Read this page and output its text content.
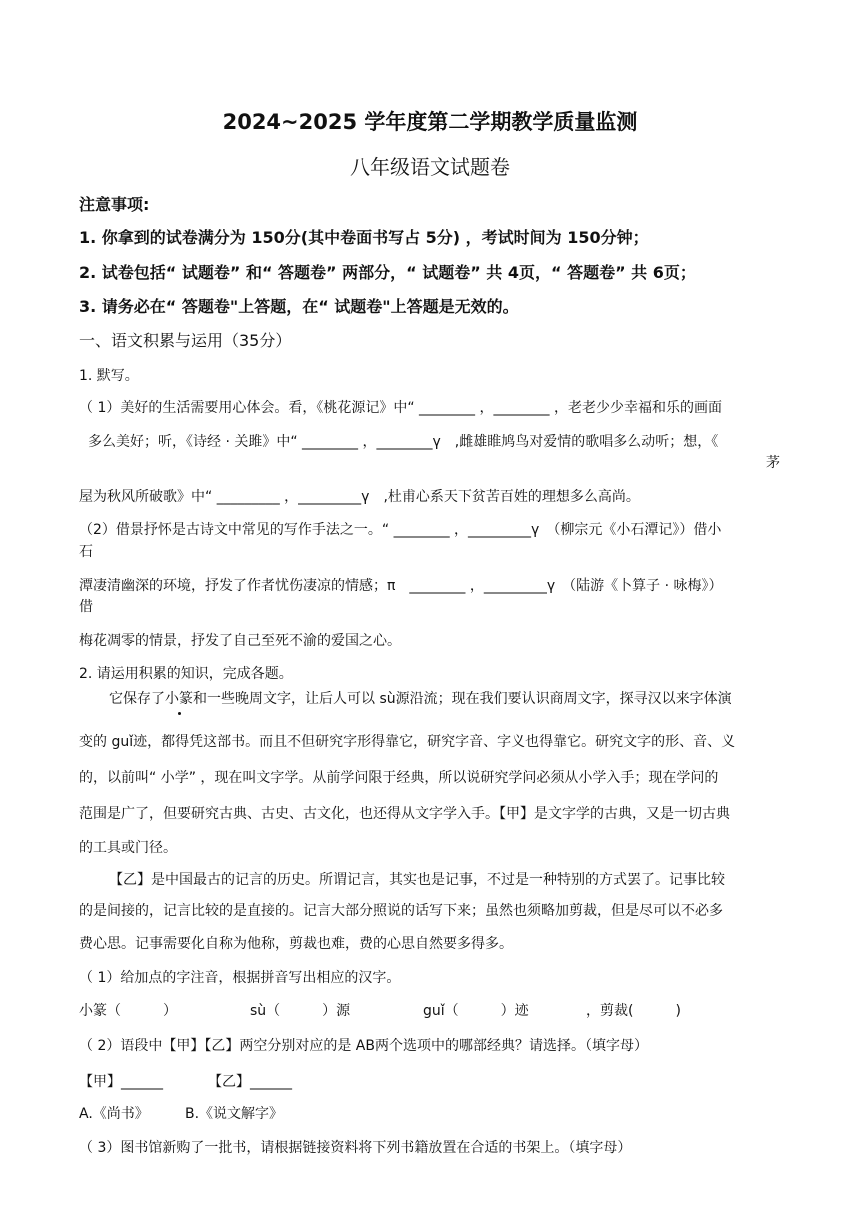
2024~2025 学年度第二学期教学质量监测
八年级语文试题卷
注意事项:
1. 你拿到的试卷满分为 150分(其中卷面书写占 5分) ，考试时间为 150分钟；
2. 试卷包括“ 试题卷” 和“ 答题卷” 两部分，“ 试题卷” 共 4页，“ 答题卷” 共 6页；
3. 请务必在“ 答题卷"上答题，在“ 试题卷"上答题是无效的。
一、语文积累与运用（35分）
1. 默写。
（ 1）美好的生活需要用心体会。看，《桃花源记》中“ ________ ，________ ，老老少少幸福和乐的画面
多么美好；听，《诗经 · 关雎》中“ ________ ，________ү　,雌雄睢鸠鸟对爱情的歌唱多么动听；想，《
茅
屋为秋风所破歌》中“ _________ ，_________ү　,杜甫心系天下贫苦百姓的理想多么高尚。
（2）借景抒怀是古诗文中常见的写作手法之一。“ ________ ，_________ү　（柳宗元《小石潭记》）借小
石
潭凄清幽深的环境，抒发了作者忧伤凄凉的情感；π　________ ，_________ү　（陆游《卜算子 · 咏梅》）
借
梅花凋零的情景，抒发了自己至死不渝的爱国之心。
2. 请运用积累的知识，完成各题。
它保存了小篆和一些晚周文字，让后人可以 sù源沿流；现在我们要认识商周文字，探寻汉以来字体演
变的 guǐ迹，都得凭这部书。而且不但研究字形得靠它，研究字音、字义也得靠它。研究文字的形、音、义
的，以前叫“ 小学” ，现在叫文字学。从前学问限于经典，所以说研究学问必须从小学入手；现在学问的
范围是广了，但要研究古典、古史、古文化，也还得从文字学入手。【甲】是文字学的古典，又是一切古典
的工具或门径。
【乙】是中国最古的记言的历史。所谓记言，其实也是记事，不过是一种特别的方式罢了。记事比较
的是间接的，记言比较的是直接的。记言大部分照说的话写下来；虽然也须略加剪裁，但是尽可以不必多
费心思。记事需要化自称为他称，剪裁也难，费的心思自然要多得多。
（ 1）给加点的字注音，根据拼音写出相应的汉字。
小篆（　　　）	sù（　　　）源	guǐ（　　　）迹	，剪裁(　　　)
（ 2）语段中【甲】【乙】两空分别对应的是 AB两个选项中的哪部经典？请选择。（填字母）
【甲】______	【乙】______
A.《尚书》	B.《说文解字》
（ 3）图书馆新购了一批书，请根据链接资料将下列书籍放置在合适的书架上。（填字母）
